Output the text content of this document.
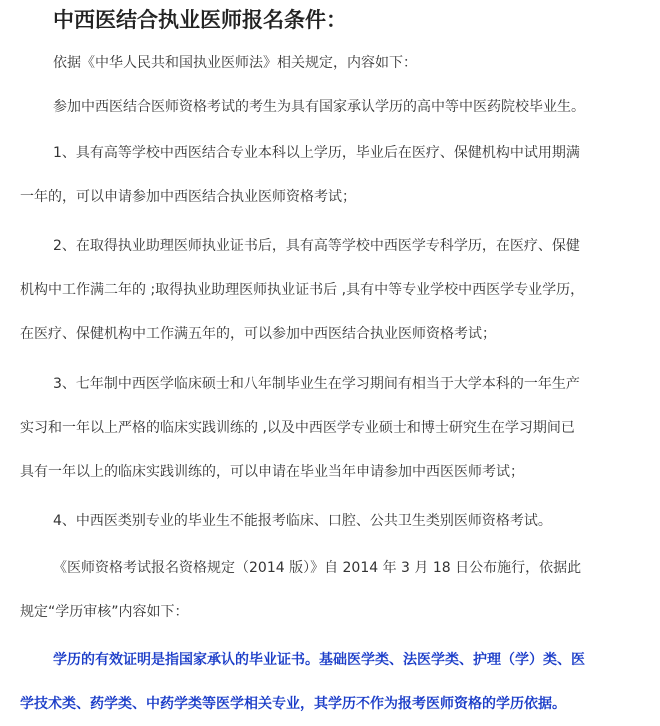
中西医结合执业医师报名条件：

依据《中华人民共和国执业医师法》相关规定，内容如下：

参加中西医结合医师资格考试的考生为具有国家承认学历的高中等中医药院校毕业生。

1、具有高等学校中西医结合专业本科以上学历，毕业后在医疗、保健机构中试用期满
一年的，可以申请参加中西医结合执业医师资格考试；

2、在取得执业助理医师执业证书后，具有高等学校中西医学专科学历，在医疗、保健
机构中工作满二年的 ;取得执业助理医师执业证书后 ,具有中等专业学校中西医学专业学历，
在医疗、保健机构中工作满五年的，可以参加中西医结合执业医师资格考试；

3、七年制中西医学临床硕士和八年制毕业生在学习期间有相当于大学本科的一年生产
实习和一年以上严格的临床实践训练的 ,以及中西医学专业硕士和博士研究生在学习期间已
具有一年以上的临床实践训练的，可以申请在毕业当年申请参加中西医医师考试；

4、中西医类别专业的毕业生不能报考临床、口腔、公共卫生类别医师资格考试。

《医师资格考试报名资格规定（2014 版）》自 2014 年 3 月 18 日公布施行，依据此
规定“学历审核”内容如下：

学历的有效证明是指国家承认的毕业证书。基础医学类、法医学类、护理（学）类、医
学技术类、药学类、中药学类等医学相关专业，其学历不作为报考医师资格的学历依据。
